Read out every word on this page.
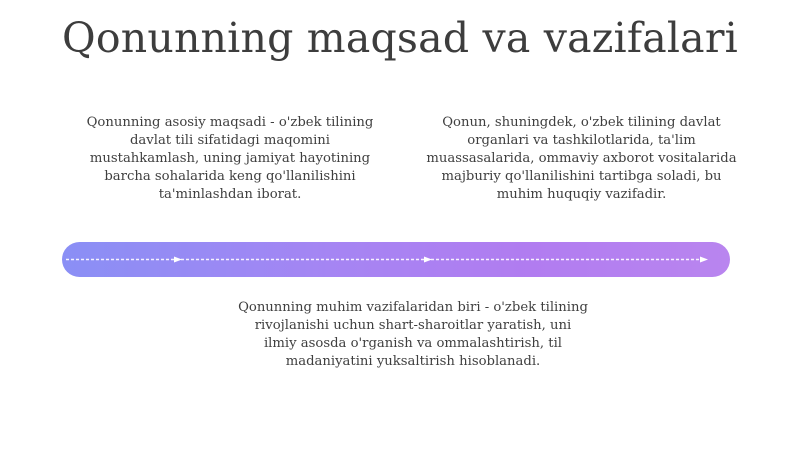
Qonunning maqsad va vazifalari
Qonunning asosiy maqsadi - o'zbek tilining davlat tili sifatidagi maqomini mustahkamlash, uning jamiyat hayotining barcha sohalarida keng qo'llanilishini ta'minlashdan iborat.
Qonun, shuningdek, o'zbek tilining davlat organlari va tashkilotlarida, ta'lim muassasalarida, ommaviy axborot vositalarida majburiy qo'llanilishini tartibga soladi, bu muhim huquqiy vazifadir.
Qonunning muhim vazifalaridan biri - o'zbek tilining rivojlanishi uchun shart-sharoitlar yaratish, uni ilmiy asosda o'rganish va ommalashtirish, til madaniyatini yuksaltirish hisoblanadi.
